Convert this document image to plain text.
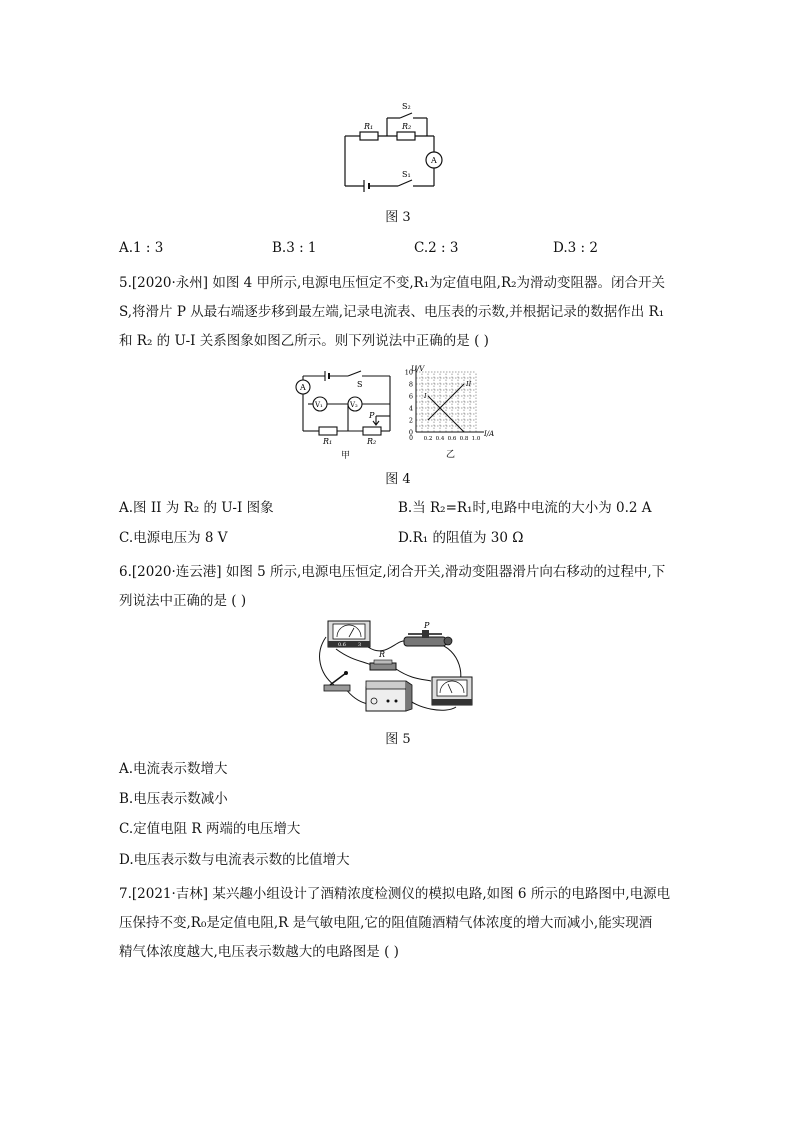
S₂
R₁	R₂
A
S₁
图 3
A.1 : 3	B.3 : 1	C.2 : 3	D.3 : 2
5.[2020·永州] 如图 4 甲所示,电源电压恒定不变,R₁为定值电阻,R₂为滑动变阻器。闭合开关
S,将滑片 P 从最右端逐步移到最左端,记录电流表、电压表的示数,并根据记录的数据作出 R₁
和 R₂ 的 U-I 关系图象如图乙所示。则下列说法中正确的是 ( )
A	S
V₁	V₂
P
R₁	R₂
甲
0
2
4
6
8
10
0.2 0.4 0.6 0.8 1.0
0
I
II
U/V
I/A
乙
图 4
A.图 II 为 R₂ 的 U-I 图象	B.当 R₂=R₁时,电路中电流的大小为 0.2 A
C.电源电压为 8 V	D.R₁ 的阻值为 30 Ω
6.[2020·连云港] 如图 5 所示,电源电压恒定,闭合开关,滑动变阻器滑片向右移动的过程中,下
列说法中正确的是 ( )
0.6 3
P
R
图 5
A.电流表示数增大
B.电压表示数减小
C.定值电阻 R 两端的电压增大
D.电压表示数与电流表示数的比值增大
7.[2021·吉林] 某兴趣小组设计了酒精浓度检测仪的模拟电路,如图 6 所示的电路图中,电源电
压保持不变,R₀是定值电阻,R 是气敏电阻,它的阻值随酒精气体浓度的增大而减小,能实现酒
精气体浓度越大,电压表示数越大的电路图是 ( )
